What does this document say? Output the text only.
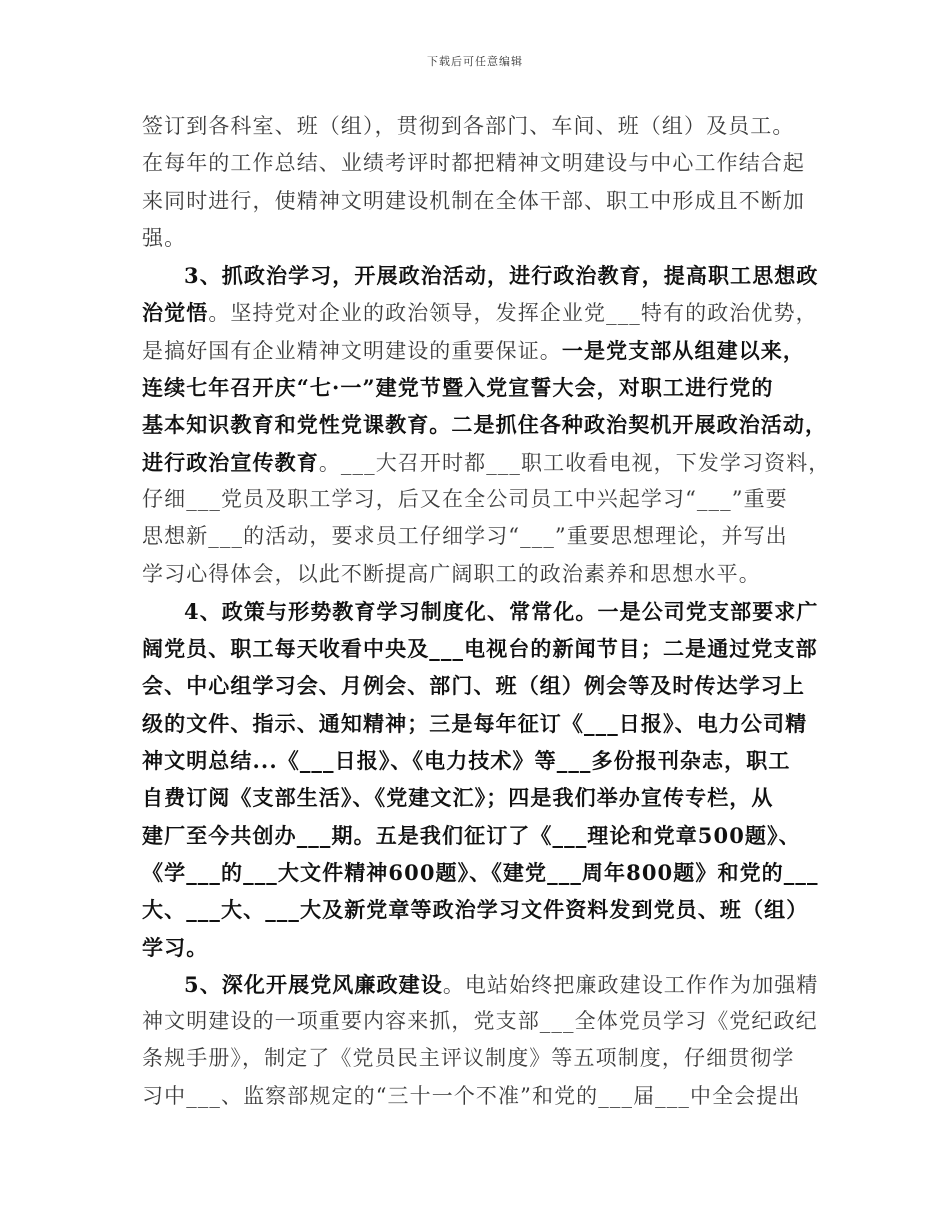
下载后可任意编辑
签订到各科室、班（组），贯彻到各部门、车间、班（组）及员工。
在每年的工作总结、业绩考评时都把精神文明建设与中心工作结合起
来同时进行，使精神文明建设机制在全体干部、职工中形成且不断加
强。
3、抓政治学习，开展政治活动，进行政治教育，提高职工思想政
治觉悟。坚持党对企业的政治领导，发挥企业党___特有的政治优势，
是搞好国有企业精神文明建设的重要保证。一是党支部从组建以来，
连续七年召开庆“七·一”建党节暨入党宣誓大会，对职工进行党的
基本知识教育和党性党课教育。二是抓住各种政治契机开展政治活动，
进行政治宣传教育。___大召开时都___职工收看电视，下发学习资料，
仔细___党员及职工学习，后又在全公司员工中兴起学习“___”重要
思想新___的活动，要求员工仔细学习“___”重要思想理论，并写出
学习心得体会，以此不断提高广阔职工的政治素养和思想水平。
4、政策与形势教育学习制度化、常常化。一是公司党支部要求广
阔党员、职工每天收看中央及___电视台的新闻节目；二是通过党支部
会、中心组学习会、月例会、部门、班（组）例会等及时传达学习上
级的文件、指示、通知精神；三是每年征订《___日报》、电力公司精
神文明总结...《___日报》、《电力技术》等___多份报刊杂志，职工
自费订阅《支部生活》、《党建文汇》；四是我们举办宣传专栏，从
建厂至今共创办___期。五是我们征订了《___理论和党章500题》、
《学___的___大文件精神600题》、《建党___周年800题》和党的___
大、___大、___大及新党章等政治学习文件资料发到党员、班（组）
学习。
5、深化开展党风廉政建设。电站始终把廉政建设工作作为加强精
神文明建设的一项重要内容来抓，党支部___全体党员学习《党纪政纪
条规手册》，制定了《党员民主评议制度》等五项制度，仔细贯彻学
习中___、监察部规定的“三十一个不准”和党的___届___中全会提出
